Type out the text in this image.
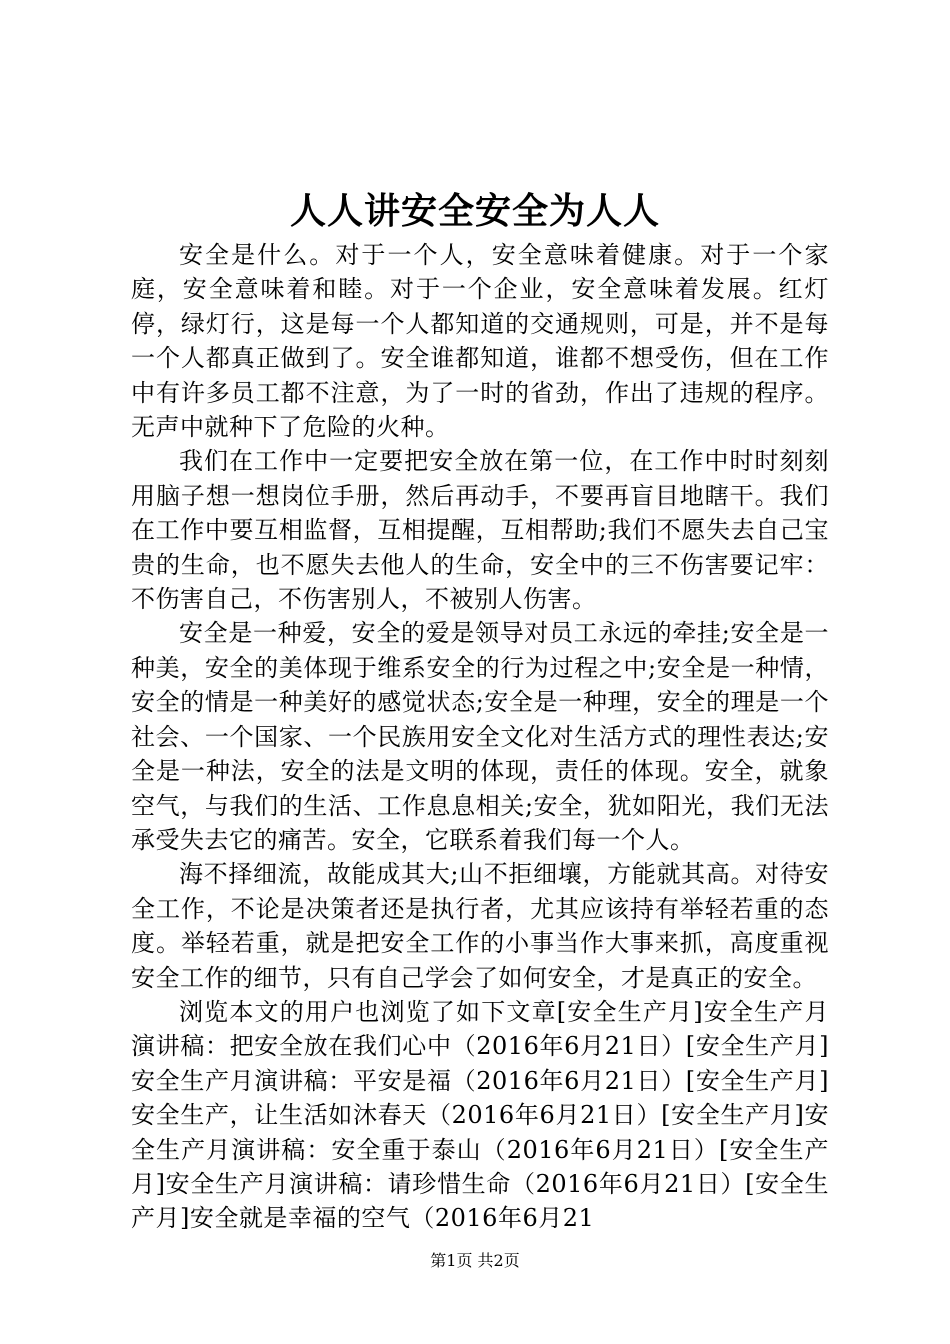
人人讲安全安全为人人

安全是什么。对于一个人，安全意味着健康。对于一个家庭，安全意味着和睦。对于一个企业，安全意味着发展。红灯停，绿灯行，这是每一个人都知道的交通规则，可是，并不是每一个人都真正做到了。安全谁都知道，谁都不想受伤，但在工作中有许多员工都不注意，为了一时的省劲，作出了违规的程序。无声中就种下了危险的火种。

我们在工作中一定要把安全放在第一位，在工作中时时刻刻用脑子想一想岗位手册，然后再动手，不要再盲目地瞎干。我们在工作中要互相监督，互相提醒，互相帮助;我们不愿失去自己宝贵的生命，也不愿失去他人的生命，安全中的三不伤害要记牢：不伤害自己，不伤害别人，不被别人伤害。

安全是一种爱，安全的爱是领导对员工永远的牵挂;安全是一种美，安全的美体现于维系安全的行为过程之中;安全是一种情，安全的情是一种美好的感觉状态;安全是一种理，安全的理是一个社会、一个国家、一个民族用安全文化对生活方式的理性表达;安全是一种法，安全的法是文明的体现，责任的体现。安全，就象空气，与我们的生活、工作息息相关;安全，犹如阳光，我们无法承受失去它的痛苦。安全，它联系着我们每一个人。

海不择细流，故能成其大;山不拒细壤，方能就其高。对待安全工作，不论是决策者还是执行者，尤其应该持有举轻若重的态度。举轻若重，就是把安全工作的小事当作大事来抓，高度重视安全工作的细节，只有自己学会了如何安全，才是真正的安全。

浏览本文的用户也浏览了如下文章[安全生产月]安全生产月演讲稿：把安全放在我们心中（2016年6月21日）[安全生产月]安全生产月演讲稿：平安是福（2016年6月21日）[安全生产月]安全生产，让生活如沐春天（2016年6月21日）[安全生产月]安全生产月演讲稿：安全重于泰山（2016年6月21日）[安全生产月]安全生产月演讲稿：请珍惜生命（2016年6月21日）[安全生产月]安全就是幸福的空气（2016年6月21

第1页 共2页
